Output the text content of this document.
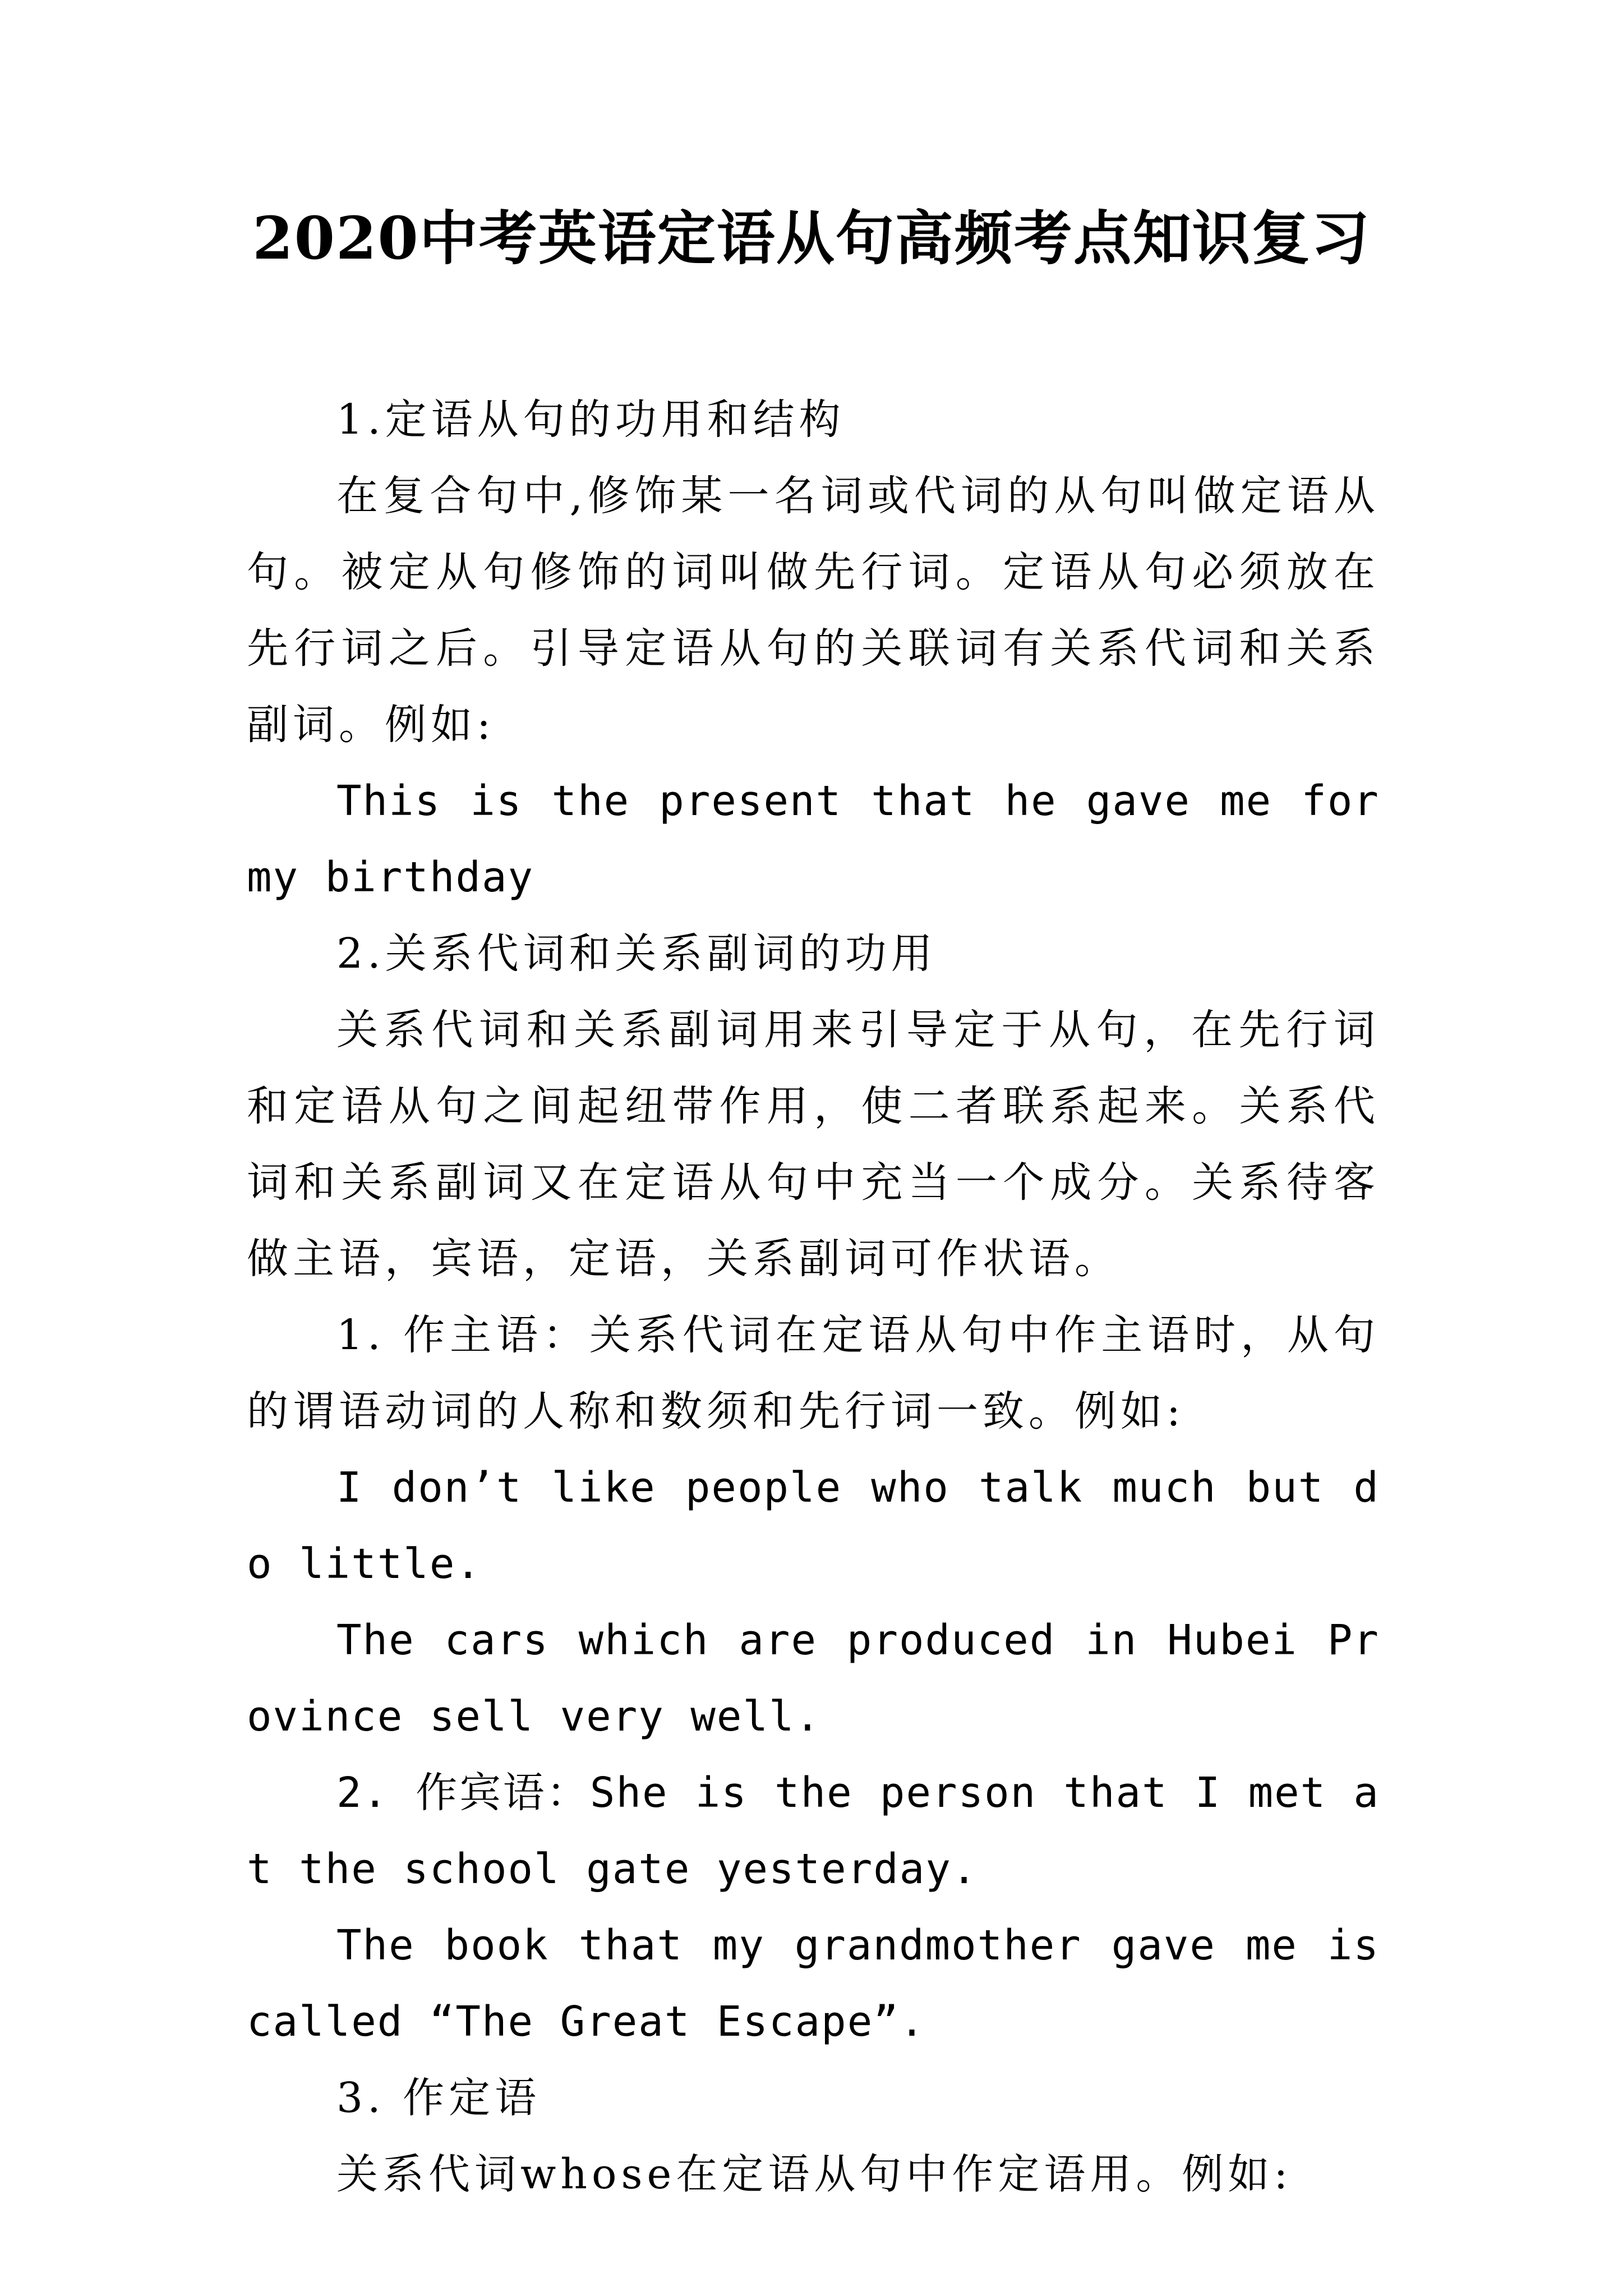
2020中考英语定语从句高频考点知识复习

1.定语从句的功用和结构

在复合句中,修饰某一名词或代词的从句叫做定语从句。被定从句修饰的词叫做先行词。定语从句必须放在先行词之后。引导定语从句的关联词有关系代词和关系副词。例如:

This is the present that he gave me for my birthday

2.关系代词和关系副词的功用

关系代词和关系副词用来引导定于从句，在先行词和定语从句之间起纽带作用，使二者联系起来。关系代词和关系副词又在定语从句中充当一个成分。关系待客做主语，宾语，定语，关系副词可作状语。

1. 作主语：关系代词在定语从句中作主语时，从句的谓语动词的人称和数须和先行词一致。例如:

I don’t like people who talk much but do little.

The cars which are produced in Hubei Province sell very well.

2. 作宾语：She is the person that I met at the school gate yesterday.

The book that my grandmother gave me is called “The Great Escape”.

3. 作定语

关系代词whose在定语从句中作定语用。例如:
